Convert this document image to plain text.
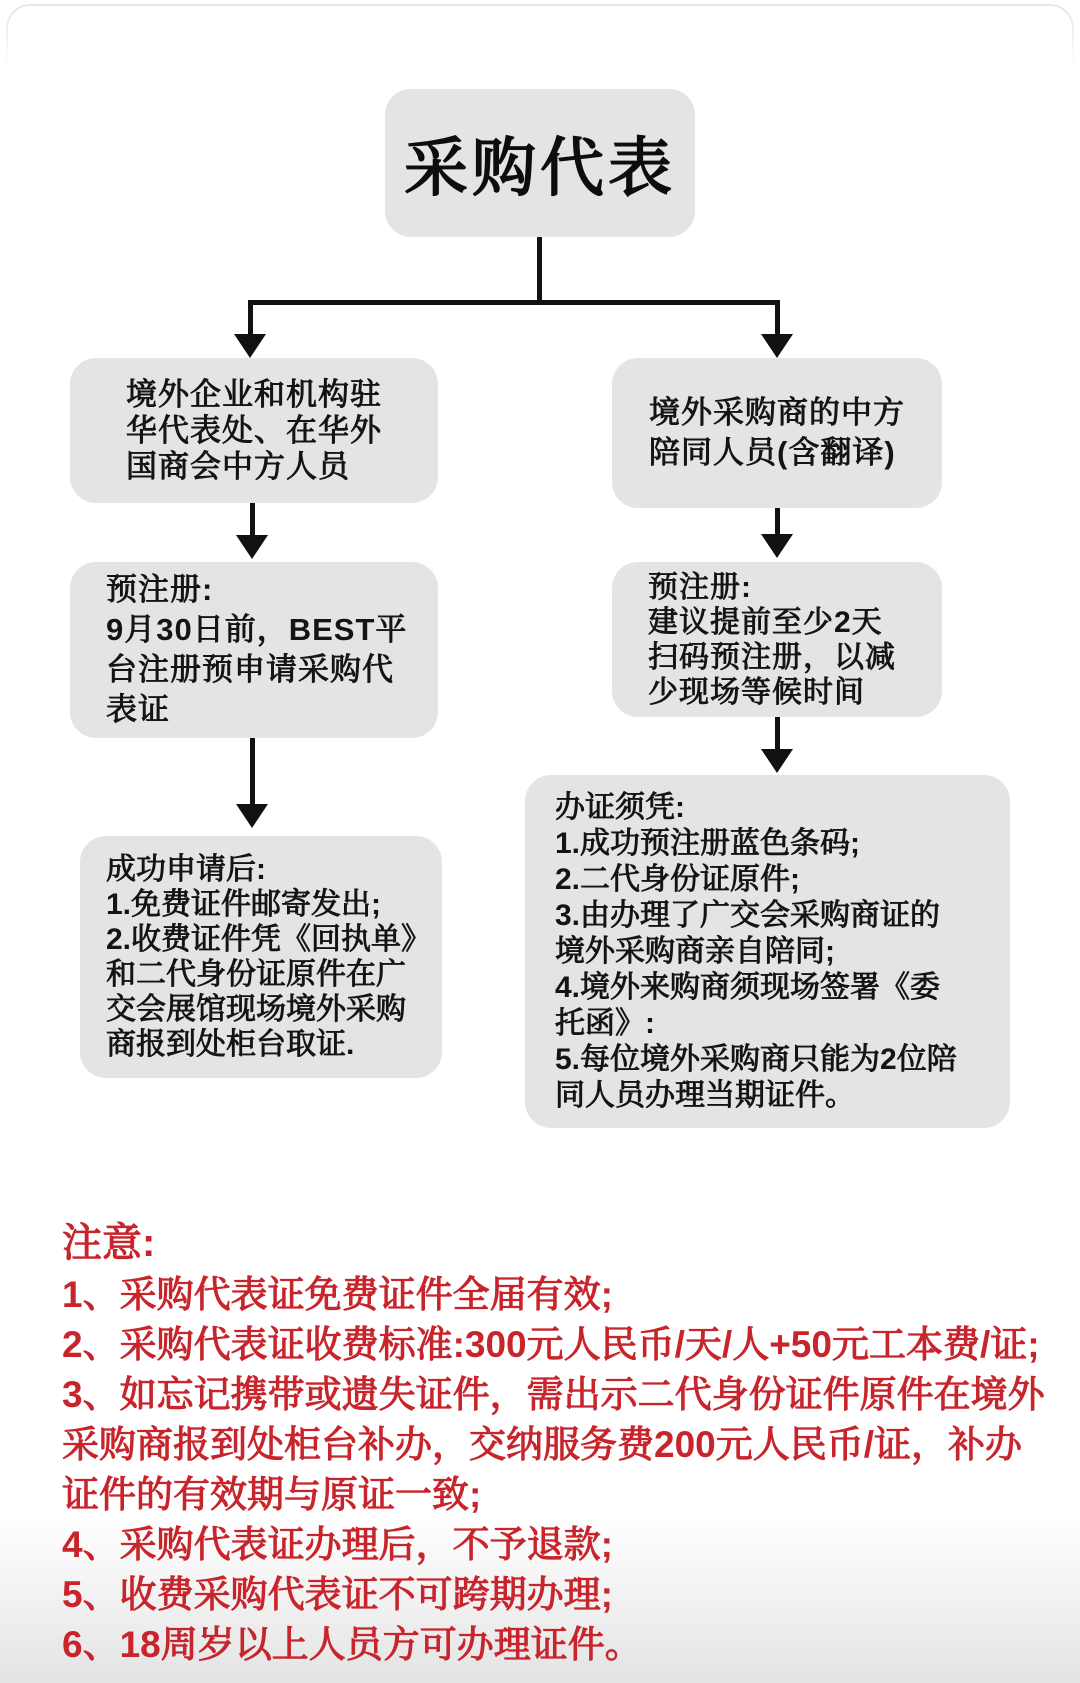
采购代表
境外企业和机构驻
华代表处、在华外
国商会中方人员
预注册:
9月30日前，BEST平
台注册预申请采购代
表证
成功申请后:
1.免费证件邮寄发出;
2.收费证件凭《回执单》
和二代身份证原件在广
交会展馆现场境外采购
商报到处柜台取证.
境外采购商的中方
陪同人员(含翻译)
预注册:
建议提前至少2天
扫码预注册，以减
少现场等候时间
办证须凭:
1.成功预注册蓝色条码;
2.二代身份证原件;
3.由办理了广交会采购商证的
境外采购商亲自陪同;
4.境外来购商须现场签署《委
托函》:
5.每位境外采购商只能为2位陪
同人员办理当期证件。
注意:
1、采购代表证免费证件全届有效;
2、采购代表证收费标准:300元人民币/天/人+50元工本费/证;
3、如忘记携带或遗失证件，需出示二代身份证件原件在境外
采购商报到处柜台补办，交纳服务费200元人民币/证，补办
证件的有效期与原证一致;
4、采购代表证办理后，不予退款;
5、收费采购代表证不可跨期办理;
6、18周岁以上人员方可办理证件。
